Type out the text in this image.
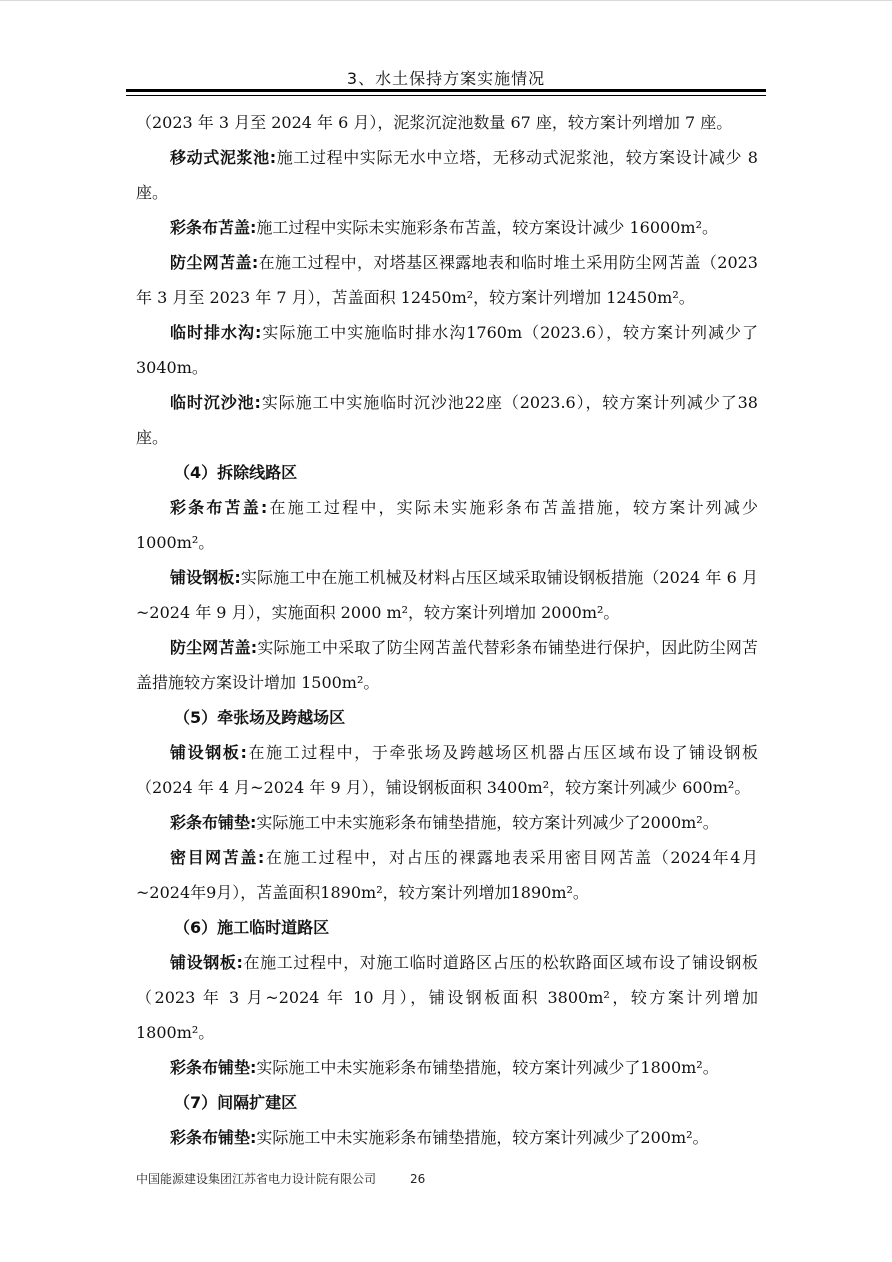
3、水土保持方案实施情况

（2023 年 3 月至 2024 年 6 月），泥浆沉淀池数量 67 座，较方案计列增加 7 座。

移动式泥浆池:施工过程中实际无水中立塔，无移动式泥浆池，较方案设计减少 8 座。

彩条布苫盖:施工过程中实际未实施彩条布苫盖，较方案设计减少 16000m²。

防尘网苫盖:在施工过程中，对塔基区裸露地表和临时堆土采用防尘网苫盖（2023 年 3 月至 2023 年 7 月），苫盖面积 12450m²，较方案计列增加 12450m²。

临时排水沟:实际施工中实施临时排水沟1760m（2023.6），较方案计列减少了3040m。

临时沉沙池:实际施工中实施临时沉沙池22座（2023.6），较方案计列减少了38座。

（4）拆除线路区

彩条布苫盖:在施工过程中，实际未实施彩条布苫盖措施，较方案计列减少1000m²。

铺设钢板:实际施工中在施工机械及材料占压区域采取铺设钢板措施（2024 年 6 月~2024 年 9 月），实施面积 2000 m²，较方案计列增加 2000m²。

防尘网苫盖:实际施工中采取了防尘网苫盖代替彩条布铺垫进行保护，因此防尘网苫盖措施较方案设计增加 1500m²。

（5）牵张场及跨越场区

铺设钢板:在施工过程中，于牵张场及跨越场区机器占压区域布设了铺设钢板（2024 年 4 月~2024 年 9 月），铺设钢板面积 3400m²，较方案计列减少 600m²。

彩条布铺垫:实际施工中未实施彩条布铺垫措施，较方案计列减少了2000m²。

密目网苫盖:在施工过程中，对占压的裸露地表采用密目网苫盖（2024年4月~2024年9月），苫盖面积1890m²，较方案计列增加1890m²。

（6）施工临时道路区

铺设钢板:在施工过程中，对施工临时道路区占压的松软路面区域布设了铺设钢板（2023 年 3 月~2024 年 10 月），铺设钢板面积 3800m²，较方案计列增加1800m²。

彩条布铺垫:实际施工中未实施彩条布铺垫措施，较方案计列减少了1800m²。

（7）间隔扩建区

彩条布铺垫:实际施工中未实施彩条布铺垫措施，较方案计列减少了200m²。

中国能源建设集团江苏省电力设计院有限公司	26
